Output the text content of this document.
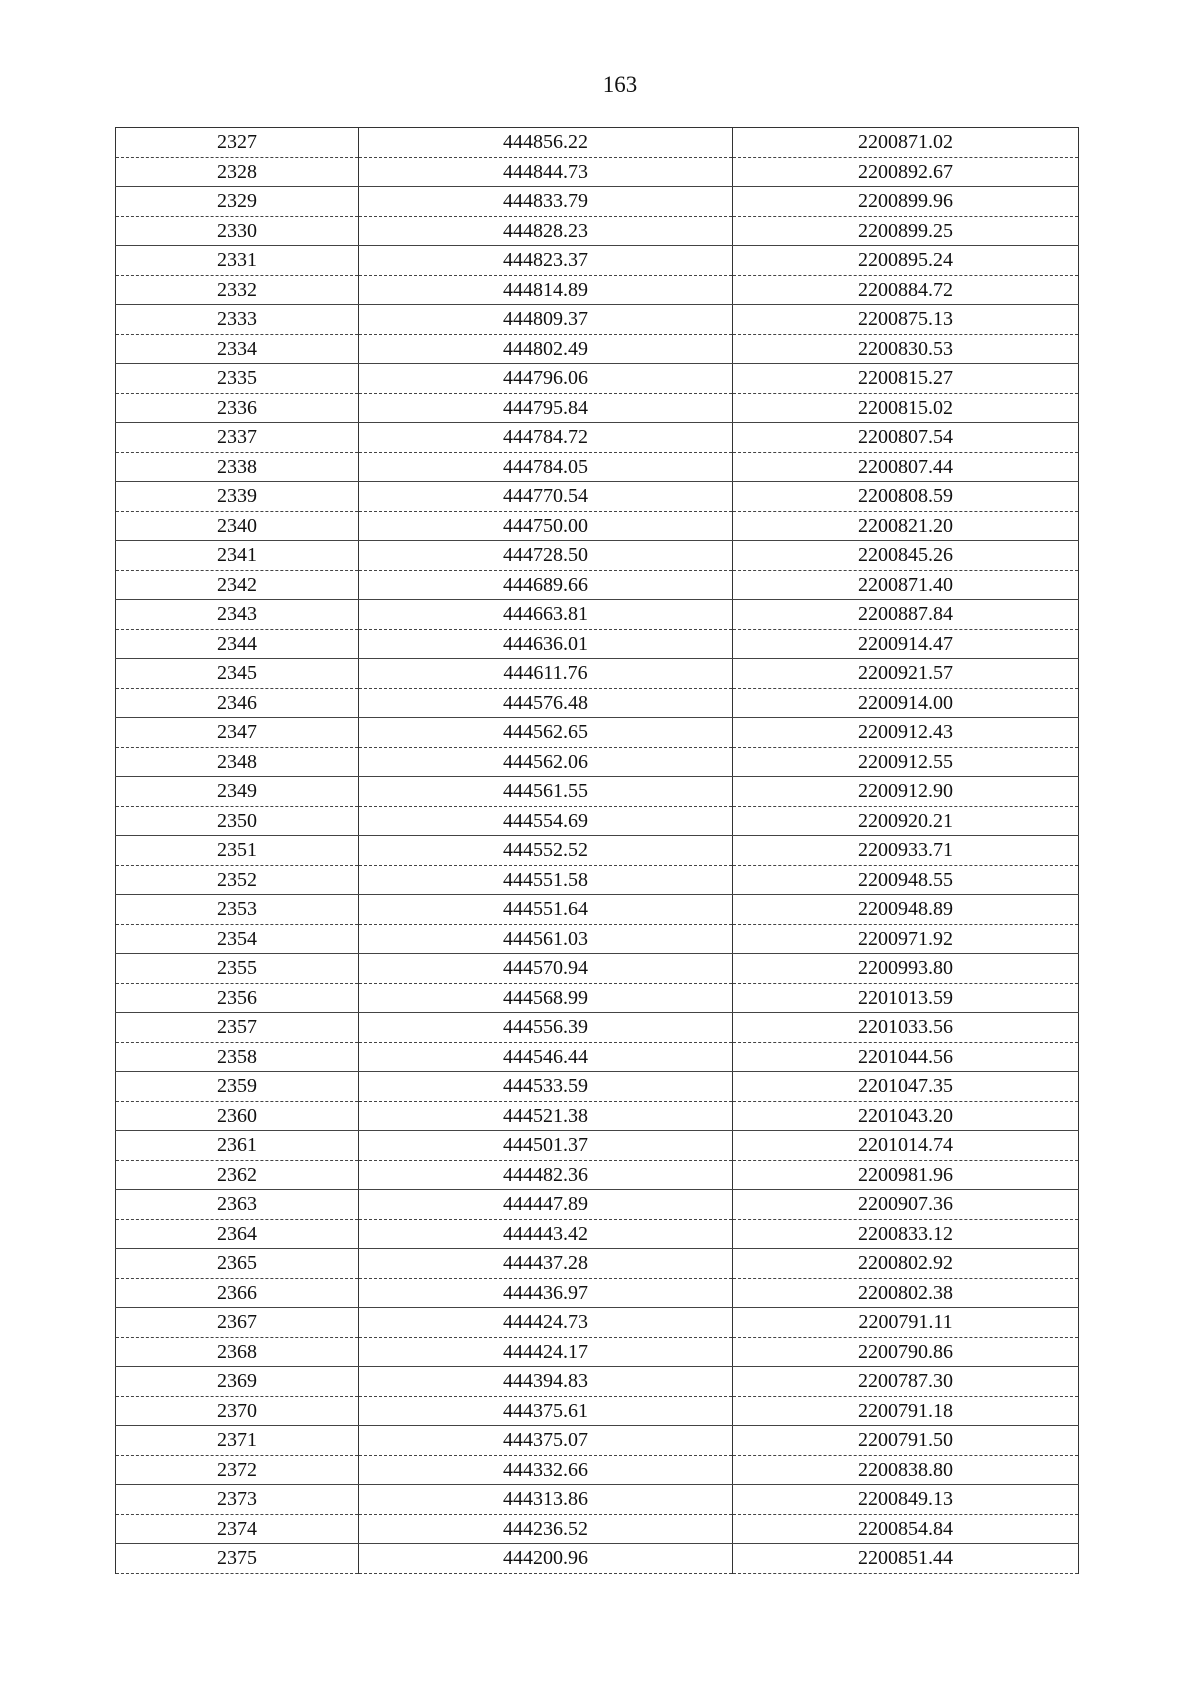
163
2327	444856.22	2200871.02
2328	444844.73	2200892.67
2329	444833.79	2200899.96
2330	444828.23	2200899.25
2331	444823.37	2200895.24
2332	444814.89	2200884.72
2333	444809.37	2200875.13
2334	444802.49	2200830.53
2335	444796.06	2200815.27
2336	444795.84	2200815.02
2337	444784.72	2200807.54
2338	444784.05	2200807.44
2339	444770.54	2200808.59
2340	444750.00	2200821.20
2341	444728.50	2200845.26
2342	444689.66	2200871.40
2343	444663.81	2200887.84
2344	444636.01	2200914.47
2345	444611.76	2200921.57
2346	444576.48	2200914.00
2347	444562.65	2200912.43
2348	444562.06	2200912.55
2349	444561.55	2200912.90
2350	444554.69	2200920.21
2351	444552.52	2200933.71
2352	444551.58	2200948.55
2353	444551.64	2200948.89
2354	444561.03	2200971.92
2355	444570.94	2200993.80
2356	444568.99	2201013.59
2357	444556.39	2201033.56
2358	444546.44	2201044.56
2359	444533.59	2201047.35
2360	444521.38	2201043.20
2361	444501.37	2201014.74
2362	444482.36	2200981.96
2363	444447.89	2200907.36
2364	444443.42	2200833.12
2365	444437.28	2200802.92
2366	444436.97	2200802.38
2367	444424.73	2200791.11
2368	444424.17	2200790.86
2369	444394.83	2200787.30
2370	444375.61	2200791.18
2371	444375.07	2200791.50
2372	444332.66	2200838.80
2373	444313.86	2200849.13
2374	444236.52	2200854.84
2375	444200.96	2200851.44
